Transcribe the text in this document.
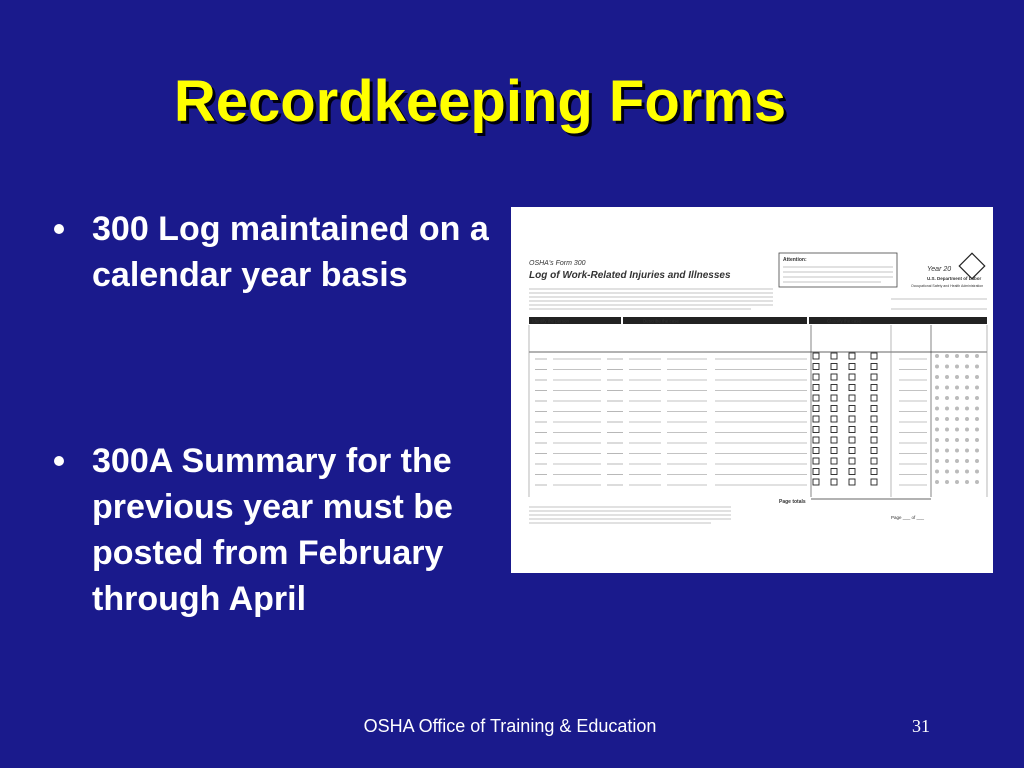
Recordkeeping Forms
300 Log maintained on a calendar year basis
300A Summary for the previous year must be posted from February through April
OSHA's Form 300
Log of Work-Related Injuries and Illnesses
Attention:
Year 20
U.S. Department of Labor
Occupational Safety and Health Administration
Identify the person	Describe the case	Classify the case
Page totals
Page ___ of ___
OSHA Office of Training & Education	31
